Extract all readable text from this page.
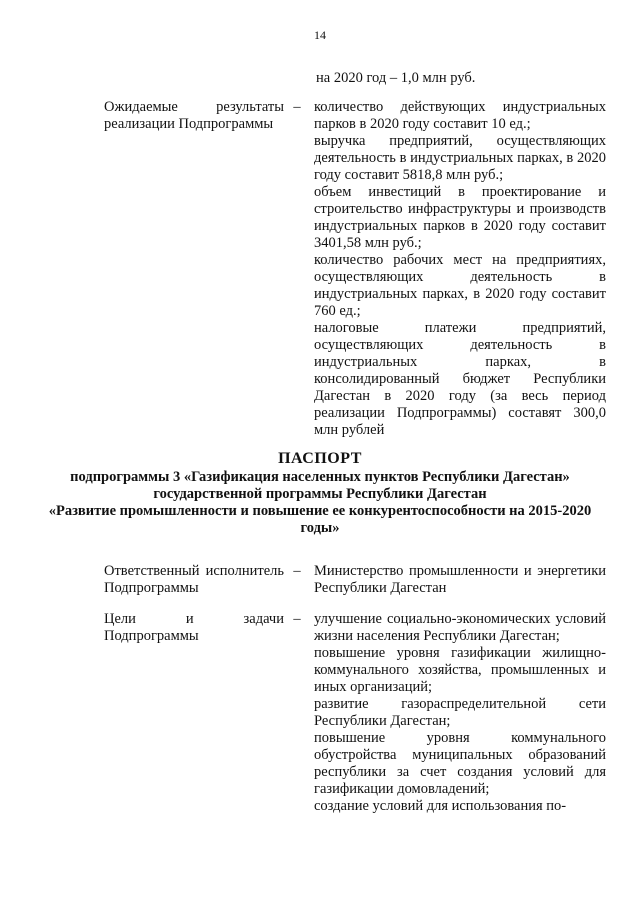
14
на 2020 год – 1,0 млн руб.
Ожидаемые результаты реализации Подпрограммы
– количество действующих индустриальных парков в 2020 году составит 10 ед.;

выручка предприятий, осуществляющих деятельность в индустриальных парках, в 2020 году составит 5818,8 млн руб.;

объем инвестиций в проектирование и строительство инфраструктуры и производств индустриальных парков в 2020 году составит 3401,58 млн руб.;

количество рабочих мест на предприятиях, осуществляющих деятельность в индустриальных парках, в 2020 году составит 760 ед.;

налоговые платежи предприятий, осуществляющих деятельность в индустриальных парках, в консолидированный бюджет Республики Дагестан в 2020 году (за весь период реализации Подпрограммы) составят 300,0 млн рублей

ПАСПОРТ

подпрограммы 3 «Газификация населенных пунктов Республики Дагестан» государственной программы Республики Дагестан

«Развитие промышленности и повышение ее конкурентоспособности на 2015-2020 годы»

Ответственный исполнитель Подпрограммы
– Министерство промышленности и энергетики Республики Дагестан

Цели и задачи Подпрограммы
– улучшение социально-экономических условий жизни населения Республики Дагестан;

повышение уровня газификации жилищно-коммунального хозяйства, промышленных и иных организаций;

развитие газораспределительной сети Республики Дагестан;

повышение уровня коммунального обустройства муниципальных образований республики за счет создания условий для газификации домовладений;

создание условий для использования по-
